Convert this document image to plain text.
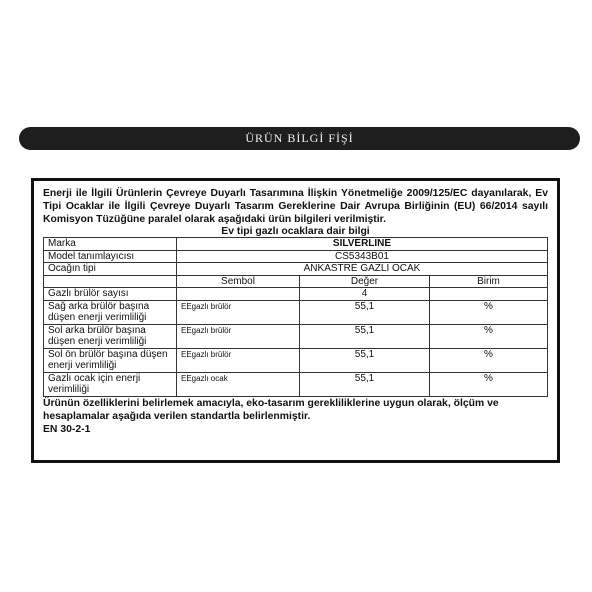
ÜRÜN BİLGİ FİŞİ

Enerji ile İlgili Ürünlerin Çevreye Duyarlı Tasarımına İlişkin Yönetmeliğe 2009/125/EC dayanılarak, Ev Tipi Ocaklar ile İlgili Çevreye Duyarlı Tasarım Gereklerine Dair Avrupa Birliğinin (EU) 66/2014 sayılı Komisyon Tüzüğüne paralel olarak aşağıdaki ürün bilgileri verilmiştir.

Ev tipi gazlı ocaklara dair bilgi

Marka	SILVERLINE		
Model tanımlayıcısı	CS5343B01		
Ocağın tipi	ANKASTRE GAZLI OCAK		
	Sembol	Değer	Birim
Gazlı brülör sayısı		4	
Sağ arka brülör başına düşen enerji verimliliği	EEgazlı brülör	55,1	%
Sol arka brülör başına düşen enerji verimliliği	EEgazlı brülör	55,1	%
Sol ön brülör başına düşen enerji verimliliği	EEgazlı brülör	55,1	%
Gazlı ocak için enerji verimliliği	EEgazlı ocak	55,1	%

Ürünün özelliklerini belirlemek amacıyla, eko-tasarım gerekliliklerine uygun olarak, ölçüm ve hesaplamalar aşağıda verilen standartla belirlenmiştir.

EN 30-2-1
